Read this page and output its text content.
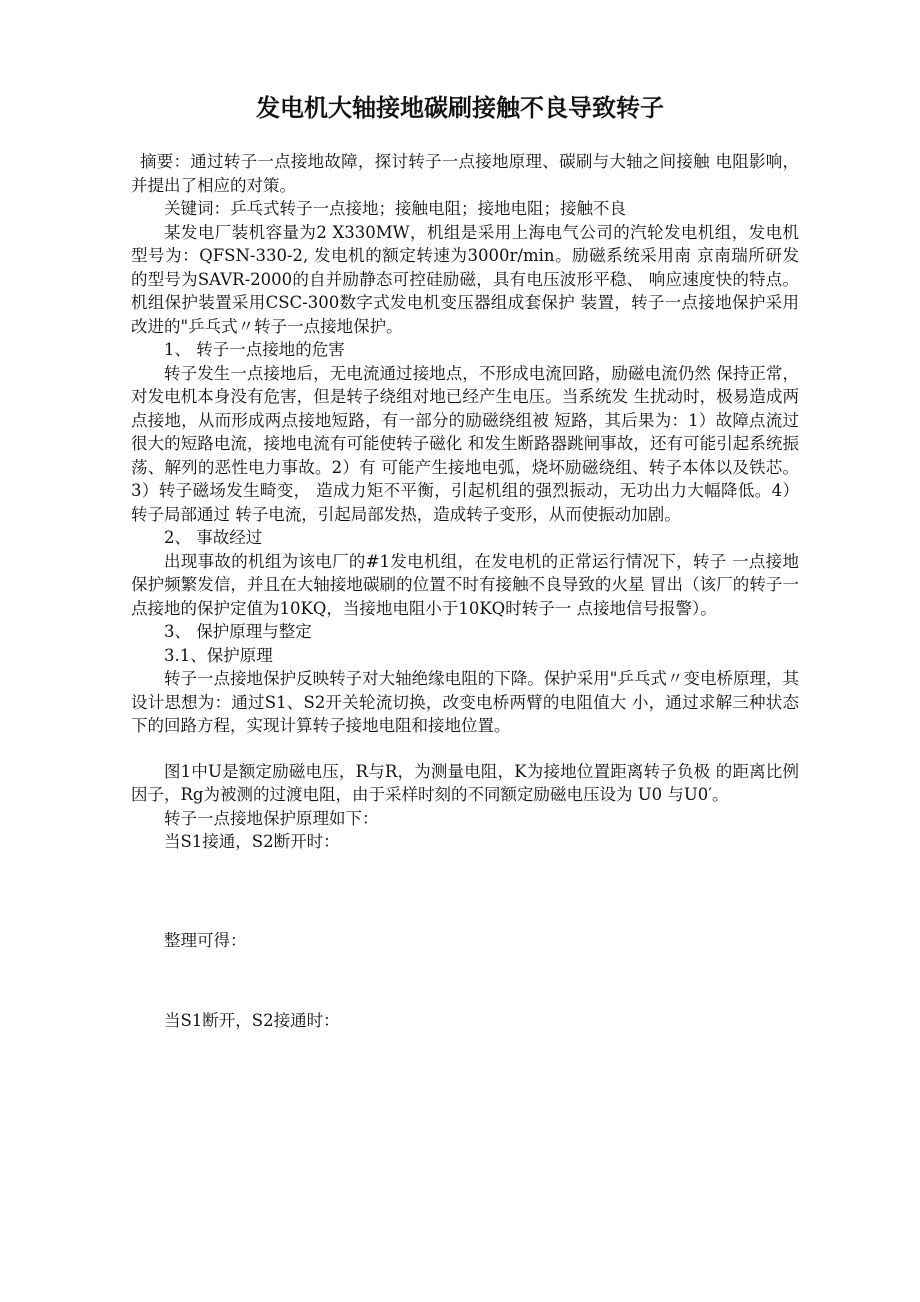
发电机大轴接地碳刷接触不良导致转子

摘要：通过转子一点接地故障，探讨转子一点接地原理、碳刷与大轴之间接触 电阻影响，并提出了相应的对策。

关键词：乒乓式转子一点接地；接触电阻；接地电阻；接触不良

某发电厂装机容量为2 X330MW，机组是采用上海电气公司的汽轮发电机组，发电机型号为：QFSN-330-2, 发电机的额定转速为3000r/min。励磁系统采用南 京南瑞所研发的型号为SAVR-2000的自并励静态可控硅励磁，具有电压波形平稳、 响应速度快的特点。机组保护装置采用CSC-300数字式发电机变压器组成套保护 装置，转子一点接地保护采用改进的"乒乓式〃转子一点接地保护。

1、 转子一点接地的危害

转子发生一点接地后，无电流通过接地点，不形成电流回路，励磁电流仍然 保持正常，对发电机本身没有危害，但是转子绕组对地已经产生电压。当系统发 生扰动时，极易造成两点接地，从而形成两点接地短路，有一部分的励磁绕组被 短路，其后果为：1）故障点流过很大的短路电流，接地电流有可能使转子磁化 和发生断路器跳闸事故，还有可能引起系统振荡、解列的恶性电力事故。2）有 可能产生接地电弧，烧坏励磁绕组、转子本体以及铁芯。3）转子磁场发生畸变， 造成力矩不平衡，引起机组的强烈振动，无功出力大幅降低。4）转子局部通过 转子电流，引起局部发热，造成转子变形，从而使振动加剧。

2、 事故经过

出现事故的机组为该电厂的#1发电机组，在发电机的正常运行情况下，转子 一点接地保护频繁发信，并且在大轴接地碳刷的位置不时有接触不良导致的火星 冒出（该厂的转子一点接地的保护定值为10KQ，当接地电阻小于10KQ时转子一 点接地信号报警）。

3、 保护原理与整定

3.1、保护原理

转子一点接地保护反映转子对大轴绝缘电阻的下降。保护采用"乒乓式〃变电桥原理，其设计思想为：通过S1、S2开关轮流切换，改变电桥两臂的电阻值大 小，通过求解三种状态下的回路方程，实现计算转子接地电阻和接地位置。

图1中U是额定励磁电压，R与R，为测量电阻，K为接地位置距离转子负极 的距离比例因子，Rg为被测的过渡电阻，由于采样时刻的不同额定励磁电压设为 U0 与U0′。

转子一点接地保护原理如下：

当S1接通，S2断开时：

整理可得：

当S1断开，S2接通时：
